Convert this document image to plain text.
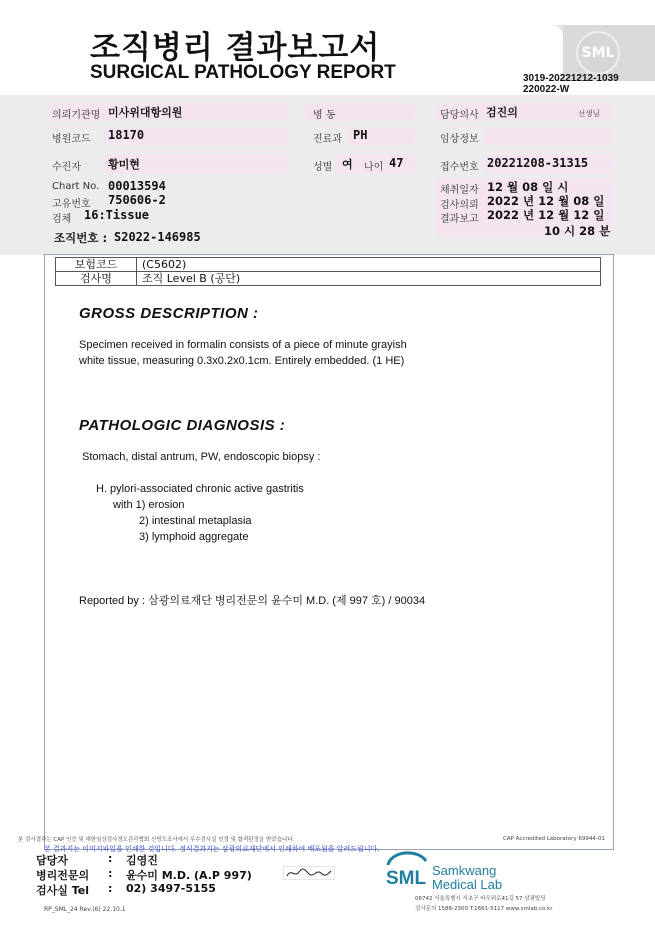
SML
조직병리 결과보고서
SURGICAL PATHOLOGY REPORT	3019-20221212-1039
220022-W
의뢰기관명 미사위대항의원	병 동	담당의사 검진의	선생님
병원코드 18170	진료과 PH	임상정보
수진자 황미현	성별 여 나이 47	접수번호 20221208-31315
Chart No. 00013594
고유번호 750606-2
검체 16:Tissue
채취일자 12 월 08 일 시
검사의뢰 2022 년 12 월 08 일
결과보고 2022 년 12 월 12 일
10 시 28 분
조직번호 : S2022-146985
보험코드	(C5602)
검사명	조직 Level B (공단)
GROSS DESCRIPTION :
Specimen received in formalin consists of a piece of minute grayish
white tissue, measuring 0.3x0.2x0.1cm. Entirely embedded. (1 HE)
PATHOLOGIC DIAGNOSIS :
Stomach, distal antrum, PW, endoscopic biopsy :
H. pylori-associated chronic active gastritis
with 1) erosion
2) intestinal metaplasia
3) lymphoid aggregate
Reported by : 삼광의료재단 병리전문의 윤수미 M.D. (제 997 호) / 90034
본 검사결과는 CAP 인증 및 대한임상검사정도관리협회 신빙도조사에서 우수검사실 인정 및 합격판정을 받았습니다.	CAP Accredited Laboratory 69944-01
본 결과지는 이미지파일을 인쇄한 것입니다. 정식결과지는 삼광의료재단에서 인쇄하여 배포됨을 알려드립니다.
담당자	: 김영진
병리전문의 : 윤수미 M.D. (A.P 997)
검사실 Tel : 02) 3497-5155
RP_SML_24 Rev.(6) 22.10.1
SML Samkwang
Medical Lab
06742 서울특별시 서초구 바우뫼로41길 57 삼광빌딩
검사문의 1588-2300 T.1661-5117 www.smlab.co.kr
